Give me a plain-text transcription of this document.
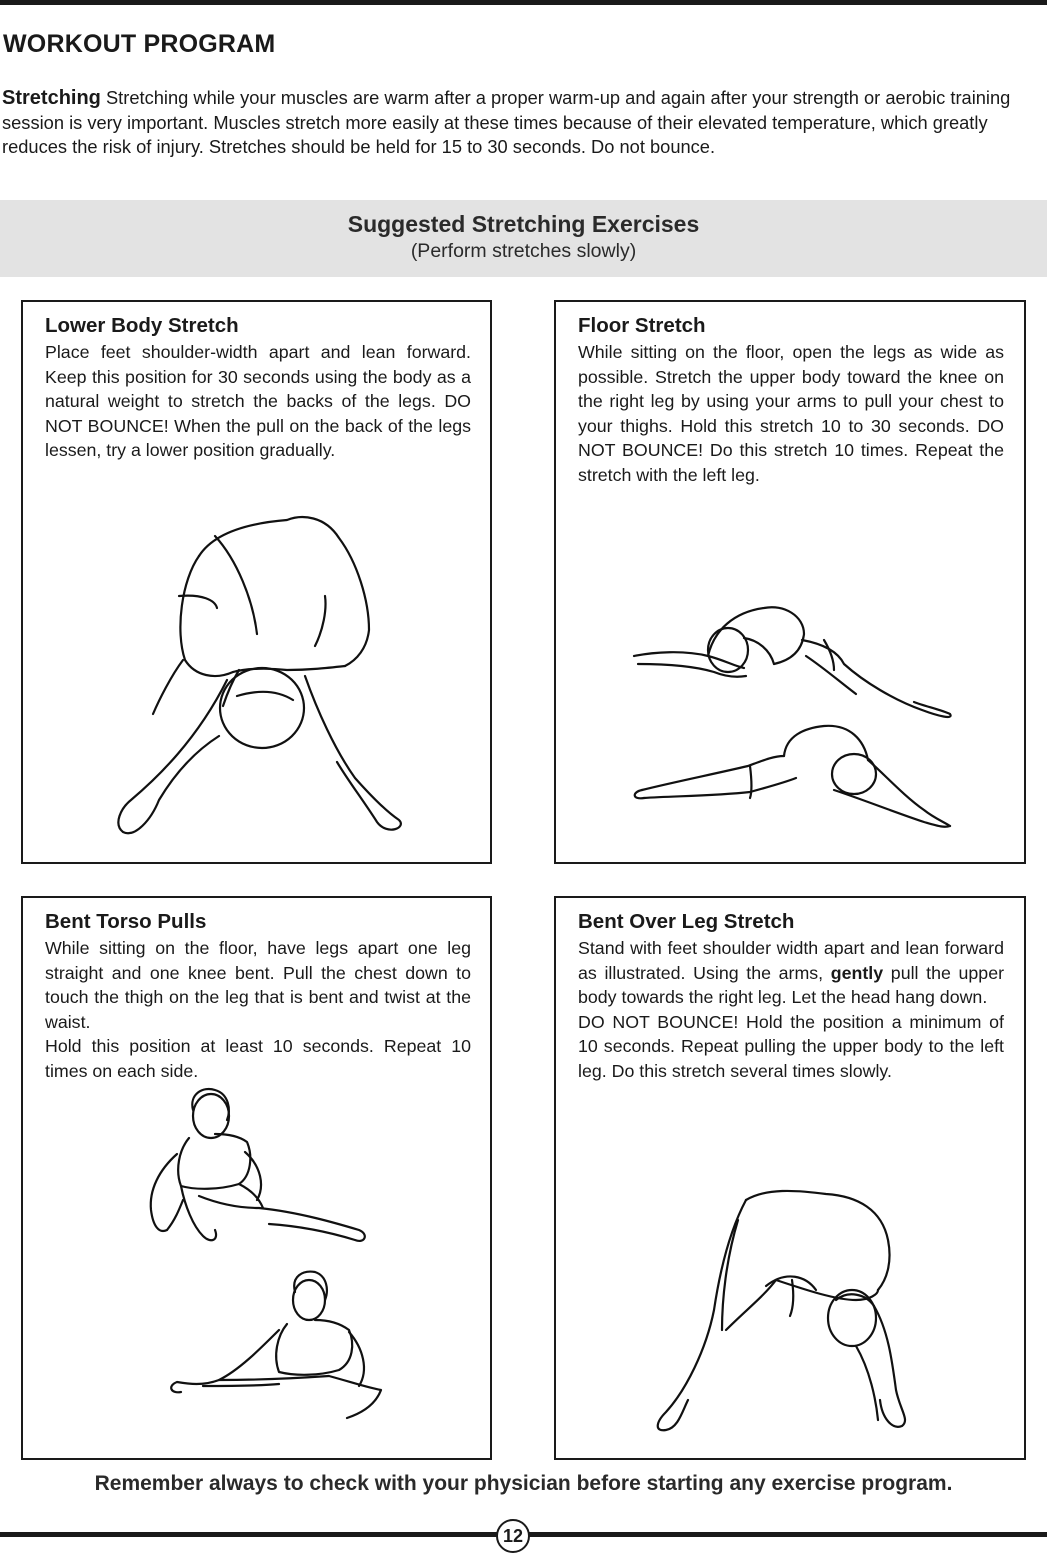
WORKOUT PROGRAM

Stretching Stretching while your muscles are warm after a proper warm-up and again after your strength or aerobic training session is very important. Muscles stretch more easily at these times because of their elevated temperature, which greatly reduces the risk of injury. Stretches should be held for 15 to 30 seconds. Do not bounce.

Suggested Stretching Exercises
(Perform stretches slowly)
Lower Body Stretch

Place feet shoulder-width apart and lean forward. Keep this position for 30 seconds using the body as a natural weight to stretch the backs of the legs. DO NOT BOUNCE! When the pull on the back of the legs lessen, try a lower position gradually.

Floor Stretch

While sitting on the floor, open the legs as wide as possible. Stretch the upper body toward the knee on the right leg by using your arms to pull your chest to your thighs. Hold this stretch 10 to 30 seconds. DO NOT BOUNCE! Do this stretch 10 times. Repeat the stretch with the left leg.

Bent Torso Pulls

While sitting on the floor, have legs apart one leg straight and one knee bent. Pull the chest down to touch the thigh on the leg that is bent and twist at the waist.
Hold this position at least 10 seconds. Repeat 10 times on each side.

Bent Over Leg Stretch

Stand with feet shoulder width apart and lean forward as illustrated. Using the arms, gently pull the upper body towards the right leg. Let the head hang down.
DO NOT BOUNCE! Hold the position a minimum of 10 seconds. Repeat pulling the upper body to the left leg. Do this stretch several times slowly.

Remember always to check with your physician before starting any exercise program.
12
